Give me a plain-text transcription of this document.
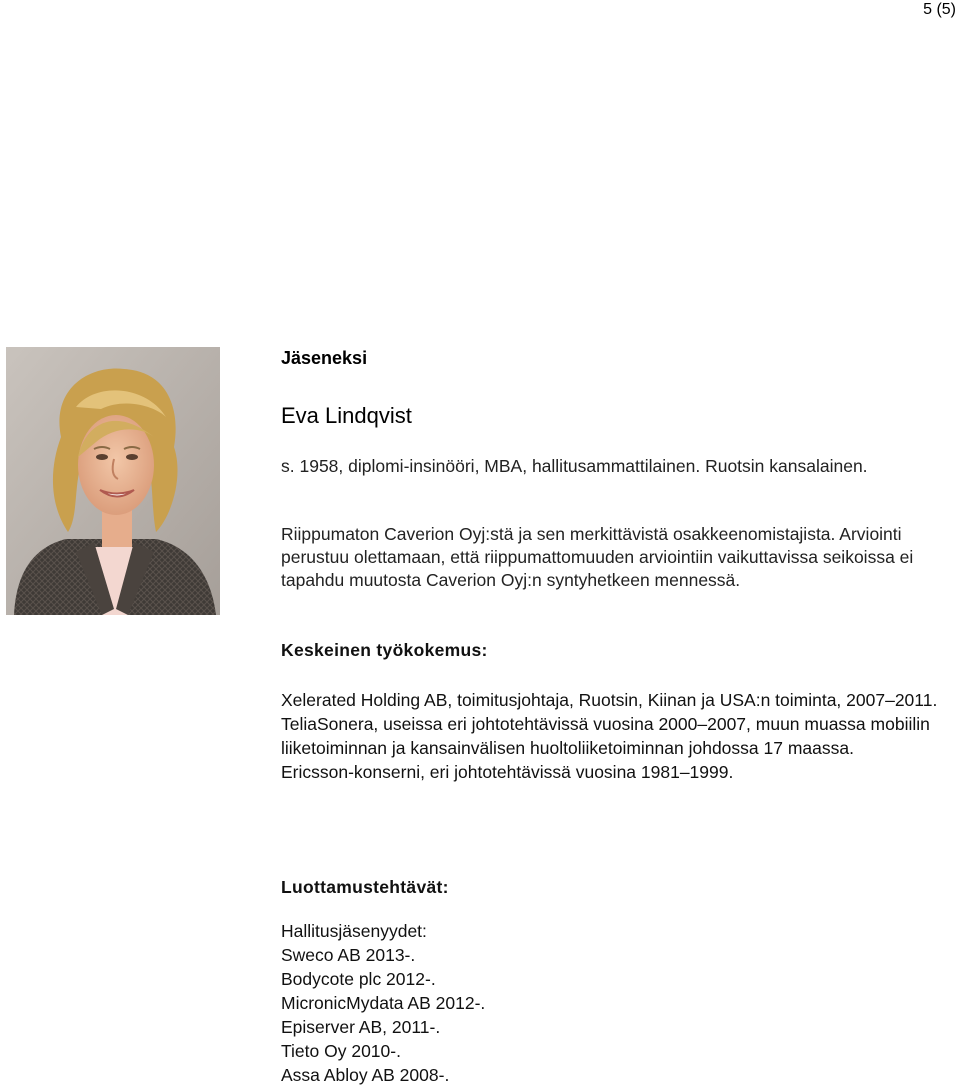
5 (5)
Jäseneksi
Eva Lindqvist
s. 1958, diplomi-insinööri, MBA, hallitusammattilainen. Ruotsin kansalainen.
Riippumaton Caverion Oyj:stä ja sen merkittävistä osakkeenomistajista. Arviointi perustuu olettamaan, että riippumattomuuden arviointiin vaikuttavissa seikoissa ei tapahdu muutosta Caverion Oyj:n syntyhetkeen mennessä.
Keskeinen työkokemus:

Xelerated Holding AB, toimitusjohtaja, Ruotsin, Kiinan ja USA:n toiminta, 2007–2011.

TeliaSonera, useissa eri johtotehtävissä vuosina 2000–2007, muun muassa mobiilin liiketoiminnan ja kansainvälisen huoltoliiketoiminnan johdossa 17 maassa.

Ericsson-konserni, eri johtotehtävissä vuosina 1981–1999.

Luottamustehtävät:

Hallitusjäsenyydet:

Sweco AB 2013-.

Bodycote plc 2012-.

MicronicMydata AB 2012-.

Episerver AB, 2011-.

Tieto Oy 2010-.

Assa Abloy AB 2008-.
